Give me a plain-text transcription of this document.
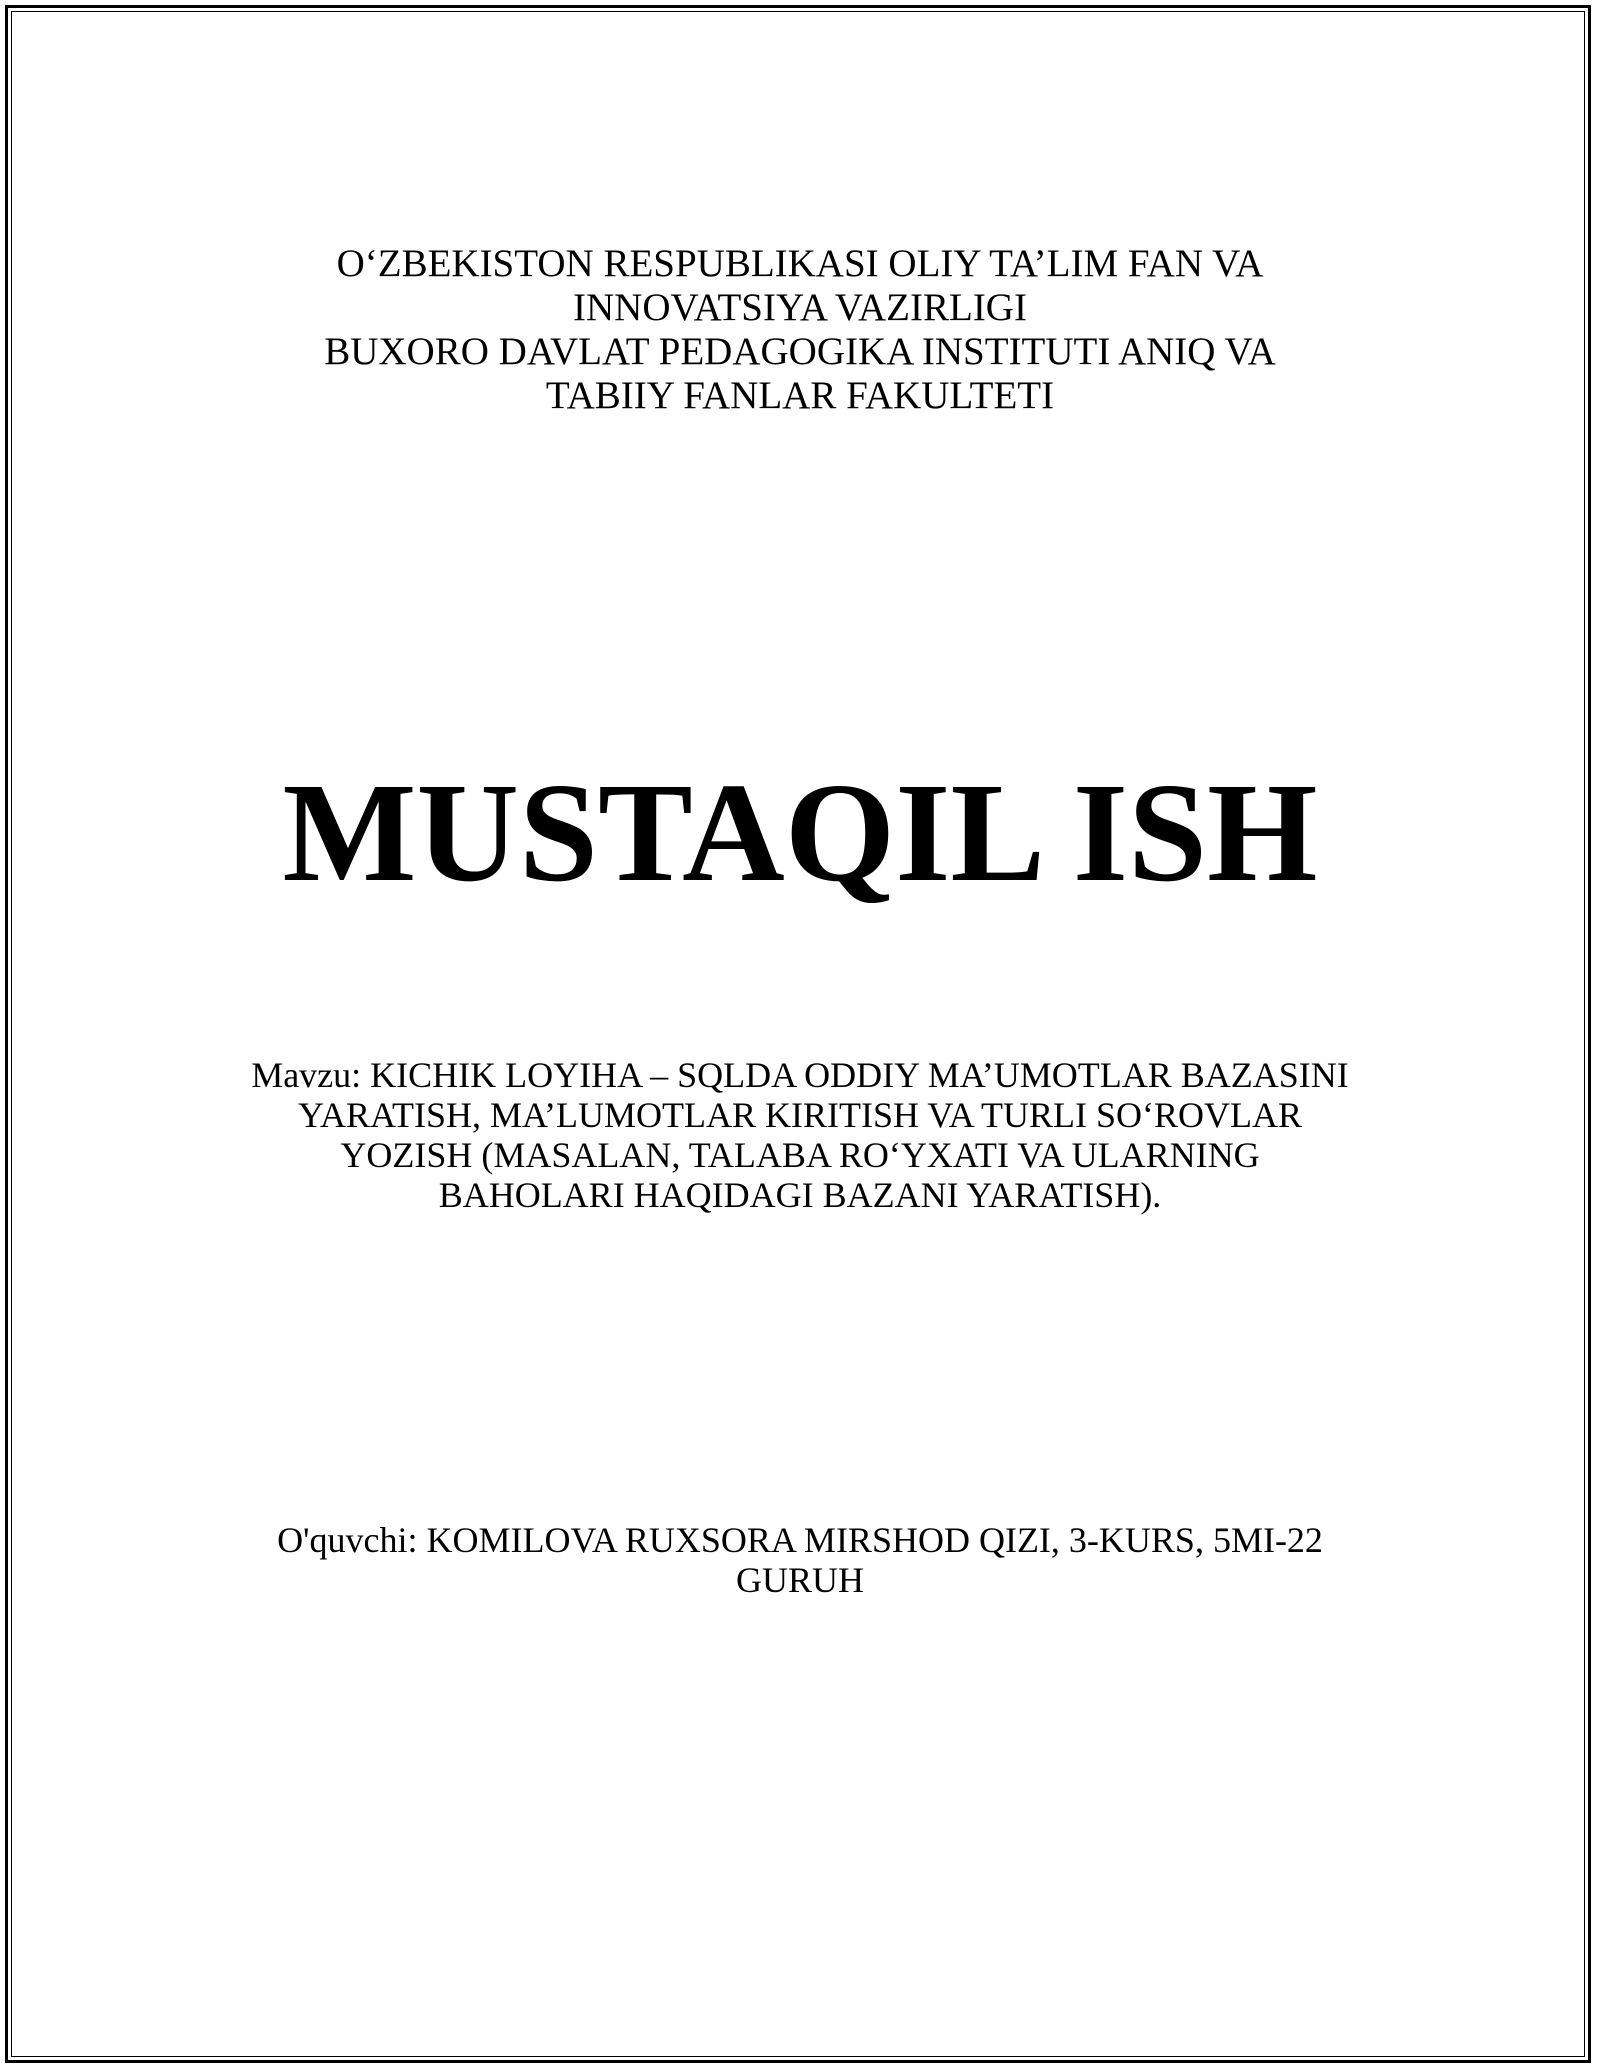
O‘ZBEKISTON RESPUBLIKASI OLIY TA’LIM FAN VA
INNOVATSIYA VAZIRLIGI
BUXORO DAVLAT PEDAGOGIKA INSTITUTI ANIQ VA
TABIIY FANLAR FAKULTETI
MUSTAQIL ISH
Mavzu: KICHIK LOYIHA – SQLDA ODDIY MA’UMOTLAR BAZASINI
YARATISH, MA’LUMOTLAR KIRITISH VA TURLI SO‘ROVLAR
YOZISH (MASALAN, TALABA RO‘YXATI VA ULARNING
BAHOLARI HAQIDAGI BAZANI YARATISH).
O'quvchi: KOMILOVA RUXSORA MIRSHOD QIZI, 3-KURS, 5MI-22
GURUH
